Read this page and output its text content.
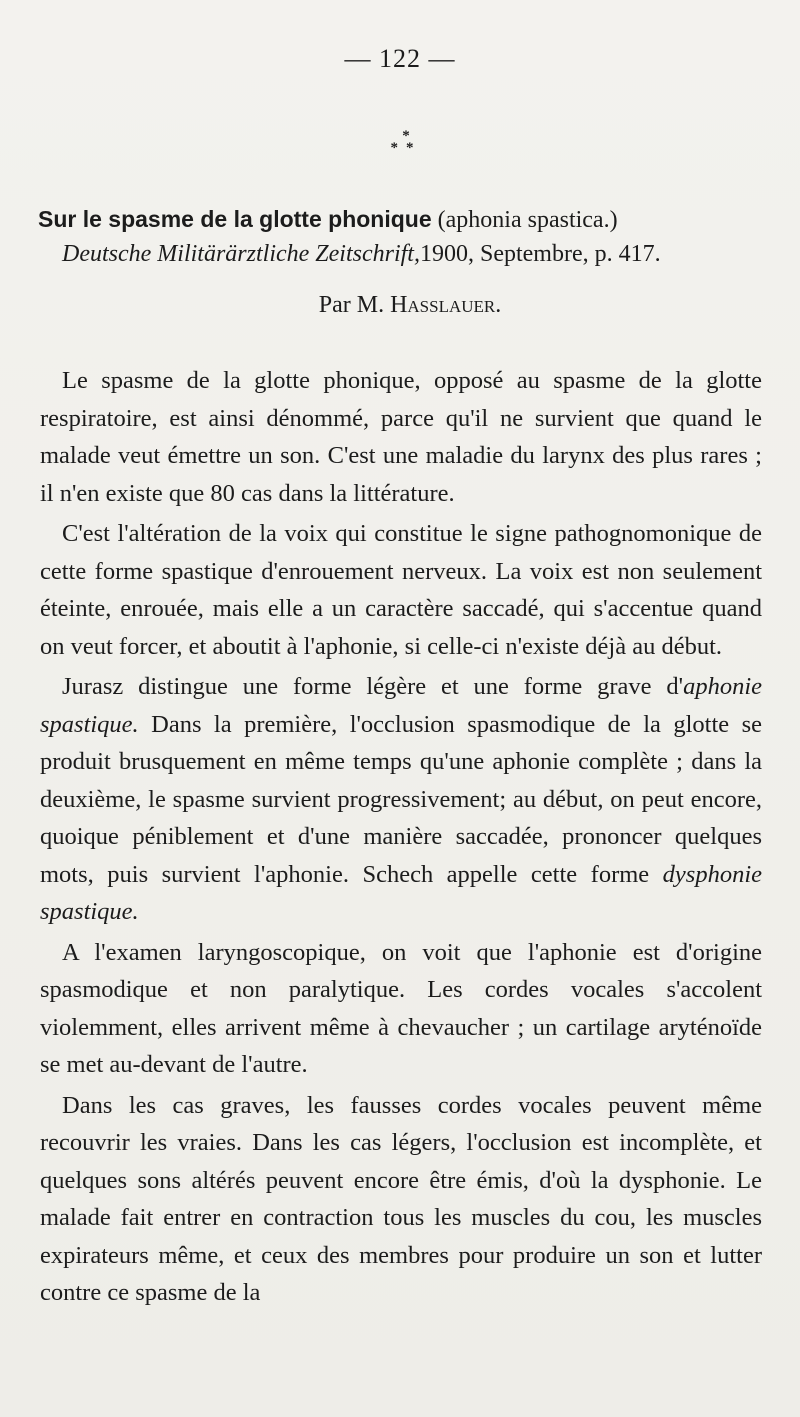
— 122 —
*
**
Sur le spasme de la glotte phonique (aphonia spastica.)
Deutsche Militärärztliche Zeitschrift,1900, Septembre, p. 417.
Par M. Hasslauer.

Le spasme de la glotte phonique, opposé au spasme de la glotte respiratoire, est ainsi dénommé, parce qu'il ne survient que quand le malade veut émettre un son. C'est une maladie du larynx des plus rares ; il n'en existe que 80 cas dans la littérature.

C'est l'altération de la voix qui constitue le signe pathognomonique de cette forme spastique d'enrouement nerveux. La voix est non seulement éteinte, enrouée, mais elle a un caractère saccadé, qui s'accentue quand on veut forcer, et aboutit à l'aphonie, si celle-ci n'existe déjà au début.

Jurasz distingue une forme légère et une forme grave d'aphonie spastique. Dans la première, l'occlusion spasmodique de la glotte se produit brusquement en même temps qu'une aphonie complète ; dans la deuxième, le spasme survient progressivement; au début, on peut encore, quoique péniblement et d'une manière saccadée, prononcer quelques mots, puis survient l'aphonie. Schech appelle cette forme dysphonie spastique.

A l'examen laryngoscopique, on voit que l'aphonie est d'origine spasmodique et non paralytique. Les cordes vocales s'accolent violemment, elles arrivent même à chevaucher ; un cartilage aryténoïde se met au-devant de l'autre.

Dans les cas graves, les fausses cordes vocales peuvent même recouvrir les vraies. Dans les cas légers, l'occlusion est incomplète, et quelques sons altérés peuvent encore être émis, d'où la dysphonie. Le malade fait entrer en contraction tous les muscles du cou, les muscles expirateurs même, et ceux des membres pour produire un son et lutter contre ce spasme de la
